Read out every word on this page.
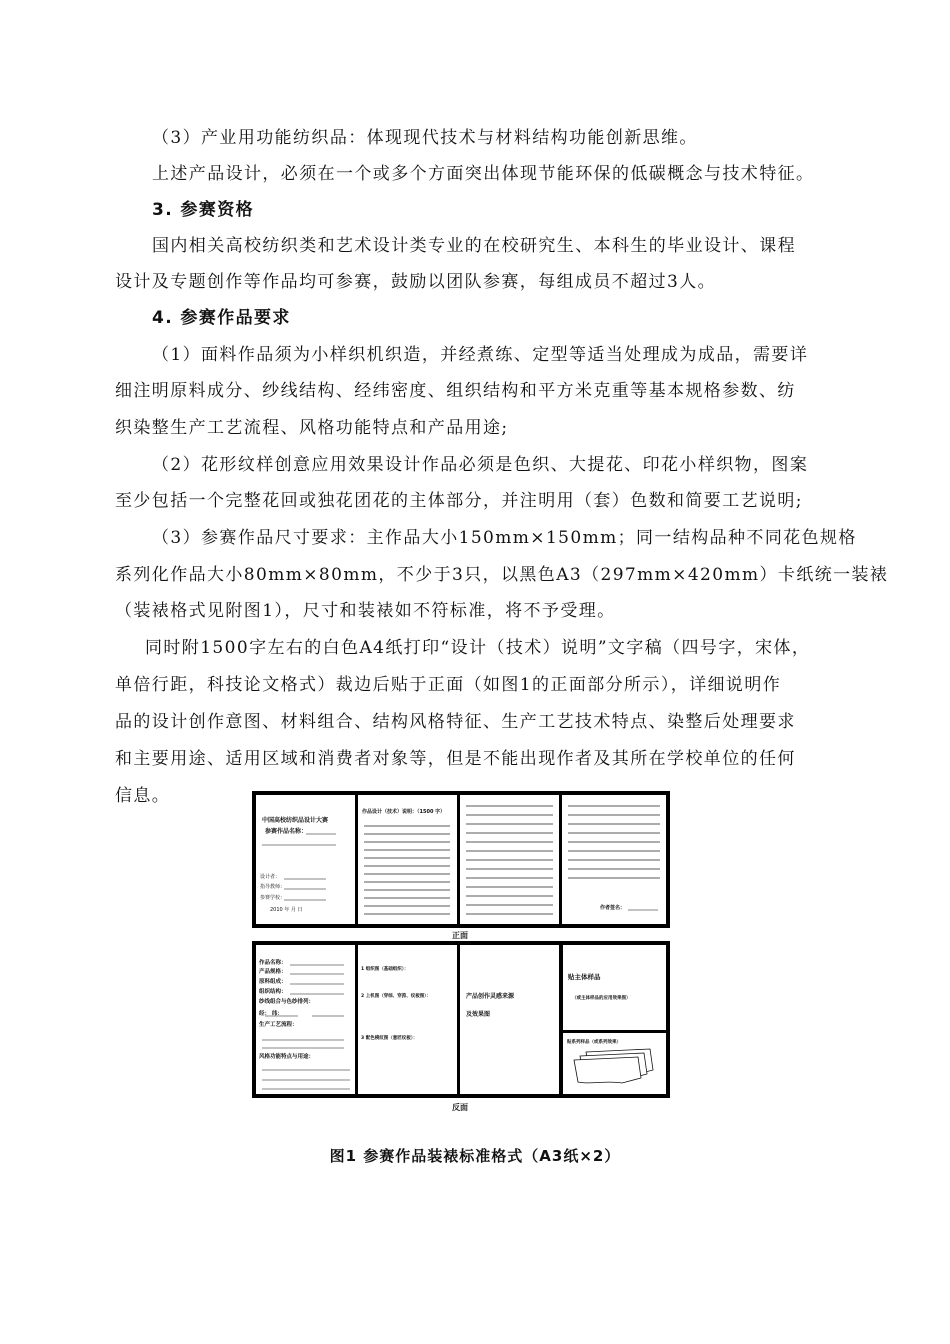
（3）产业用功能纺织品：体现现代技术与材料结构功能创新思维。
上述产品设计，必须在一个或多个方面突出体现节能环保的低碳概念与技术特征。
3. 参赛资格
国内相关高校纺织类和艺术设计类专业的在校研究生、本科生的毕业设计、课程
设计及专题创作等作品均可参赛，鼓励以团队参赛，每组成员不超过3人。
4. 参赛作品要求
（1）面料作品须为小样织机织造，并经煮练、定型等适当处理成为成品，需要详
细注明原料成分、纱线结构、经纬密度、组织结构和平方米克重等基本规格参数、纺
织染整生产工艺流程、风格功能特点和产品用途;
（2）花形纹样创意应用效果设计作品必须是色织、大提花、印花小样织物，图案
至少包括一个完整花回或独花团花的主体部分，并注明用（套）色数和简要工艺说明;
（3）参赛作品尺寸要求：主作品大小150mm×150mm；同一结构品种不同花色规格
系列化作品大小80mm×80mm，不少于3只，以黑色A3（297mm×420mm）卡纸统一装裱
（装裱格式见附图1），尺寸和装裱如不符标准，将不予受理。
同时附1500字左右的白色A4纸打印“设计（技术）说明”文字稿（四号字，宋体，
单倍行距，科技论文格式）裁边后贴于正面（如图1的正面部分所示），详细说明作
品的设计创作意图、材料组合、结构风格特征、生产工艺技术特点、染整后处理要求
和主要用途、适用区域和消费者对象等，但是不能出现作者及其所在学校单位的任何
信息。
中国高校纺织品设计大赛
参赛作品名称：
设计者：
指导教师：
参赛学校：
2010 年 月 日
作品设计（技术）说明：（1500 字）
作者签名：
正面
作品名称：
产品规格：
原料组成：
组织结构：
纱线组合与色纱排列：
经： 纬：
生产工艺流程：
风格功能特点与用途：
1 组织图（基础组织）：
2 上机图（穿综、穿筘、纹板图）：
3 配色模纹图（意匠纹板）：
产品创作灵感来源
及效果图
贴主体样品
（或主体样品的应用效果图）
贴系列样品（或系列效果）
反面
图1 参赛作品装裱标准格式（A3纸×2）
